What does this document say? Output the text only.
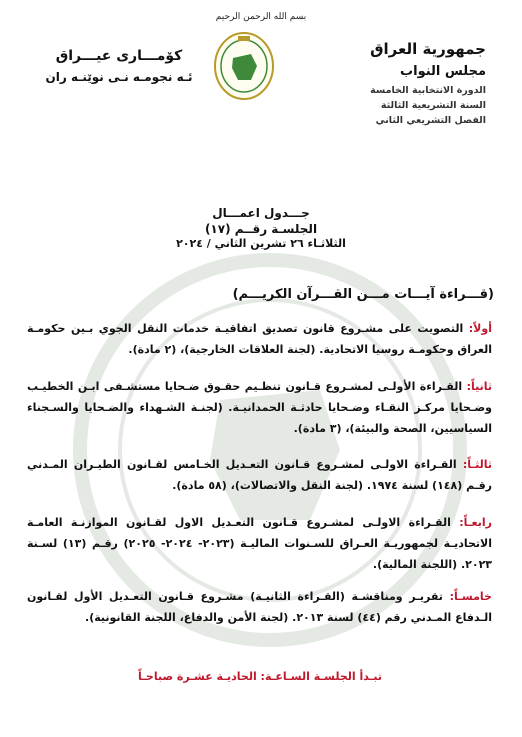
بسم الله الرحمن الرحيم
جمهورية العراق
مجلس النواب
الدورة الانتخابية الخامسة
السنة التشريعية الثالثة
الفصل التشريعي الثاني
كۆمـــاری عیـــراق
ئـه نجومـه نـی نوێنـه ران
جـــدول اعمـــال
الجلسـة رقــم (١٧)
الثلاثـاء ٢٦ تشرين الثاني / ٢٠٢٤
(قـــراءة آيـــات مـــن القـــرآن الكريـــم)
أولاً: التصويت على مشـروع قانون تصديق اتفاقيـة خدمات النقل الجوي بـين حكومـة العراق وحكومـة روسيا الاتحادية. (لجنة العلاقات الخارجية)، (٢ مادة).
ثانياً: القـراءة الأولـى لمشـروع قـانون تنظـيم حقـوق ضـحايا مستشـفى ابـن الخطيـب وضـحايا مركـز النقـاء وضـحايا حادثـة الحمدانيـة. (لجنـة الشـهداء والضـحايا والسـجناء السياسيين، الصحة والبيئة)، (٣ مادة).
ثالثـاً: القـراءة الاولـى لمشـروع قـانون التعـديل الخـامس لقـانون الطيـران المـدني رقـم (١٤٨) لسنة ١٩٧٤. (لجنة النقل والاتصالات)، (٥٨ مادة).
رابعـاً: القـراءة الاولـى لمشـروع قـانون التعـديل الاول لقـانون الموازنـة العامـة الاتحاديـة لجمهوريـة العـراق للسـنوات الماليـة (٢٠٢٣- ٢٠٢٤- ٢٠٢٥) رقـم (١٣) لسـنة ٢٠٢٣. (اللجنة المالية).
خامسـاً: تقريـر ومناقشـة (القـراءة الثانيـة) مشـروع قـانون التعـديل الأول لقـانون الـدفاع المـدني رقم (٤٤) لسنة ٢٠١٣. (لجنة الأمن والدفاع، اللجنة القانونية).
تبـدأ الجلسـة السـاعـة: الحاديـة عشـرة صباحـاً
